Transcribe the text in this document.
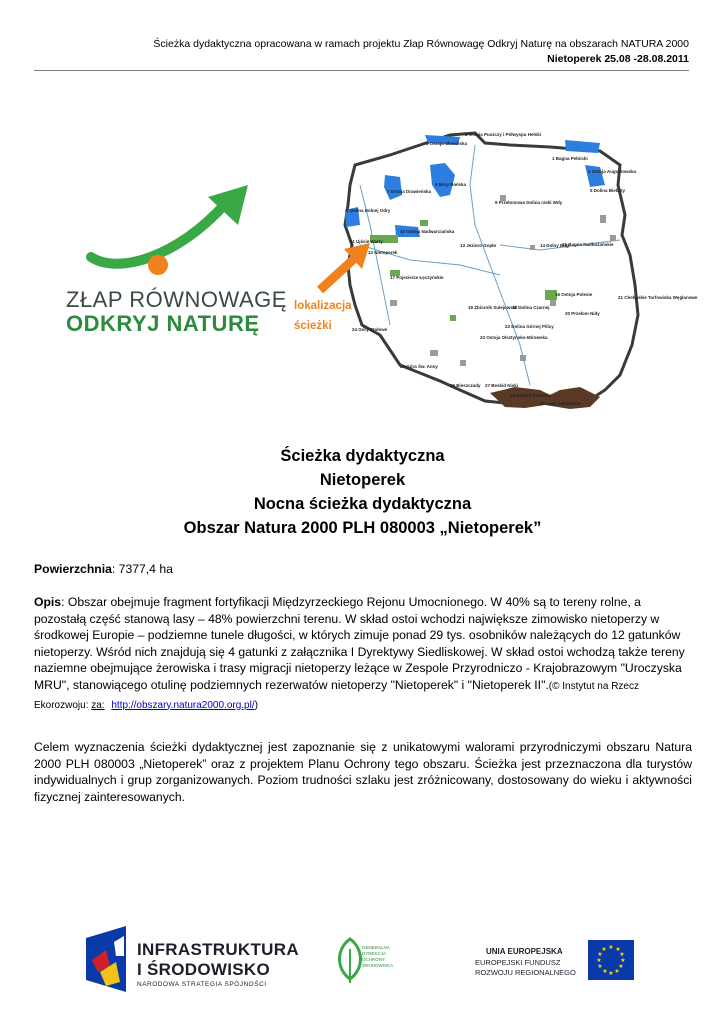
Ścieżka dydaktyczna opracowana w ramach projektu Złap Równowagę Odkryj Naturę na obszarach NATURA 2000
Nietoperek 25.08 -28.08.2011
ZŁAP RÓWNOWAGĘ
ODKRYJ NATURĘ
lokalizacja
ścieżki
2 Ostoja Puszczy i Półwyspu Helski
3 Ostoja Słowińska
1 Bagna Pełnicki
4 Ostoja Augustowska
5 Dolina Biebrzy
6 Bory Bielska
7 Ostoja Drawieńska
8 Dolina Dolnej Odry
9 Przełomowa Dolina rzeki Wdy
10 Ostoja Nadwarciańska
11 Ujście Warty
12 Nietoperek
13 Jezioro Gopło	14 Dolny Bug
15 Bagna Nadbużańskie
16 Ostoja Polesie
17 Pojezierze Łęczyńskie
18 Dolina Czarnej
19 Zbiornik Sulejowski
20 Przełom Nidy
21 Chełmskie Torfowiska Węglanowe
22 Dolina Górnej Pilicy
23 Ostoja Olsztyńsko-Mirowska
24 Góry Stołowe
25 Góra Św. Anny
26 Bieszczady 27 Beskid Niski
28 Beskid Żywiecki
29 Lasy Janowskie
Ścieżka dydaktyczna
Nietoperek
Nocna ścieżka dydaktyczna
Obszar Natura 2000 PLH 080003 „Nietoperek”
Powierzchnia: 7377,4 ha
Opis: Obszar obejmuje fragment fortyfikacji Międzyrzeckiego Rejonu Umocnionego. W 40% są to tereny rolne, a pozostałą część stanową lasy – 48% powierzchni terenu. W skład ostoi wchodzi największe zimowisko nietoperzy w środkowej Europie – podziemne tunele długości, w których zimuje ponad 29 tys. osobników należących do 12 gatunków nietoperzy. Wśród nich znajdują się 4 gatunki z załącznika I Dyrektywy Siedliskowej. W skład ostoi wchodzą także tereny naziemne obejmujące żerowiska i trasy migracji nietoperzy leżące w Zespole Przyrodniczo - Krajobrazowym "Uroczyska MRU", stanowiącego otulinę podziemnych rezerwatów nietoperzy "Nietoperek" i "Nietoperek II".(© Instytut na Rzecz Ekorozwoju: za: http://obszary.natura2000.org.pl/)
Celem wyznaczenia ścieżki dydaktycznej jest zapoznanie się z unikatowymi walorami przyrodniczymi obszaru Natura 2000 PLH 080003 „Nietoperek” oraz z projektem Planu Ochrony tego obszaru. Ścieżka jest przeznaczona dla turystów indywidualnych i grup zorganizowanych. Poziom trudności szlaku jest zróżnicowany, dostosowany do wieku i aktywności fizycznej zainteresowanych.
INFRASTRUKTURA
I ŚRODOWISKO
NARODOWA STRATEGIA SPÓJNOŚCI
GENERALNA DYREKCJA OCHRONY ŚRODOWISKA
UNIA EUROPEJSKA
EUROPEJSKI FUNDUSZ
ROZWOJU REGIONALNEGO
★ ★
★
★
★
★
★
★
★
★
★
★
